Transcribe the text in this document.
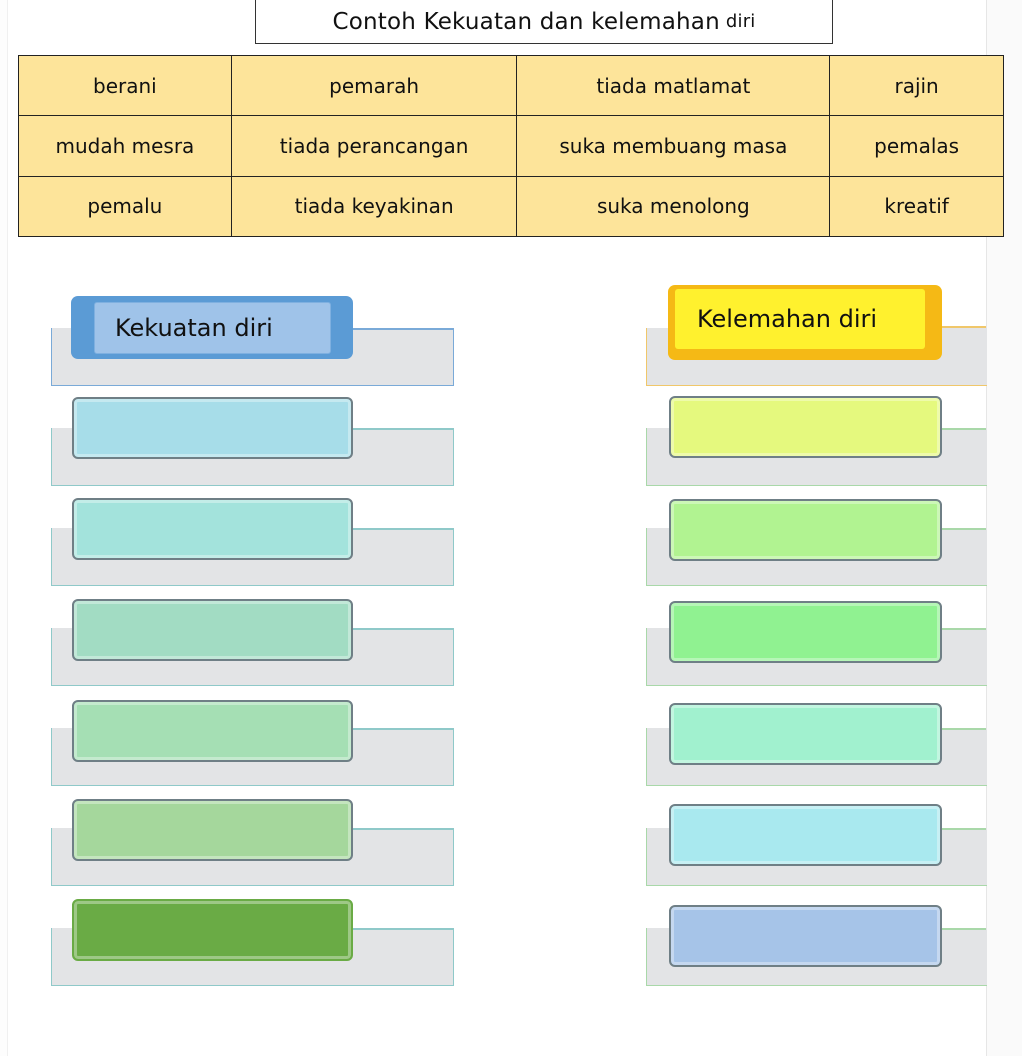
Contoh Kekuatan dan kelemahan diri
berani	pemarah	tiada matlamat	rajin
mudah mesra	tiada perancangan	suka membuang masa	pemalas
pemalu	tiada keyakinan	suka menolong	kreatif
Kekuatan diri	Kelemahan diri
